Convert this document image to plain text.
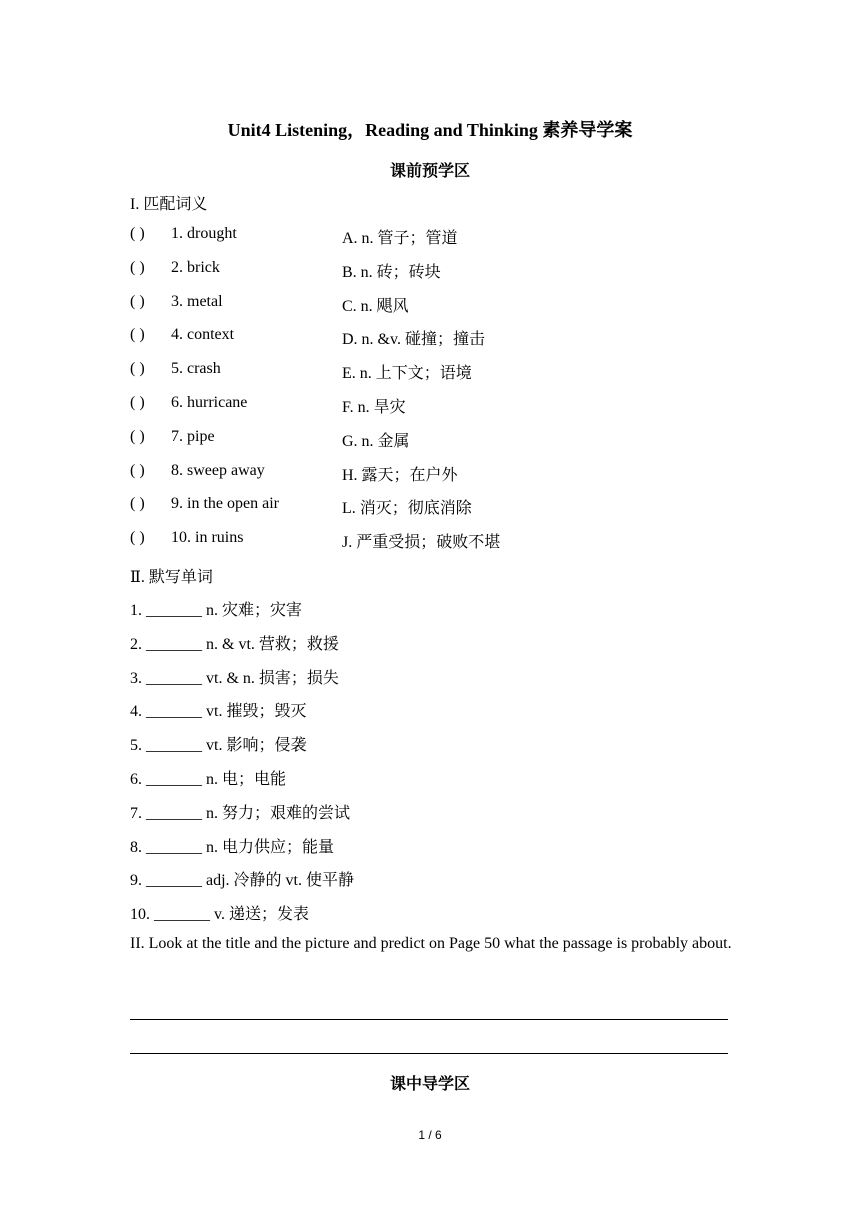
Unit4 Listening，Reading and Thinking 素养导学案
课前预学区
I. 匹配词义
( ) 1. drought	A. n. 管子；管道
( ) 2. brick	B. n. 砖；砖块
( ) 3. metal	C. n. 飓风
( ) 4. context	D. n. &v. 碰撞；撞击
( ) 5. crash	E. n. 上下文；语境
( ) 6. hurricane	F. n. 旱灾
( ) 7. pipe	G. n. 金属
( ) 8. sweep away	H. 露天；在户外
( ) 9. in the open air	L. 消灭；彻底消除
( ) 10. in ruins	J. 严重受损；破败不堪
Ⅱ. 默写单词
1. _______ n. 灾难；灾害
2. _______ n. & vt. 营救；救援
3. _______ vt. & n. 损害；损失
4. _______ vt. 摧毁；毁灭
5. _______ vt. 影响；侵袭
6. _______ n. 电；电能
7. _______ n. 努力；艰难的尝试
8. _______ n. 电力供应；能量
9. _______ adj. 冷静的 vt. 使平静
10. _______ v. 递送；发表
II. Look at the title and the picture and predict on Page 50 what the passage is probably about.
课中导学区
1 / 6
